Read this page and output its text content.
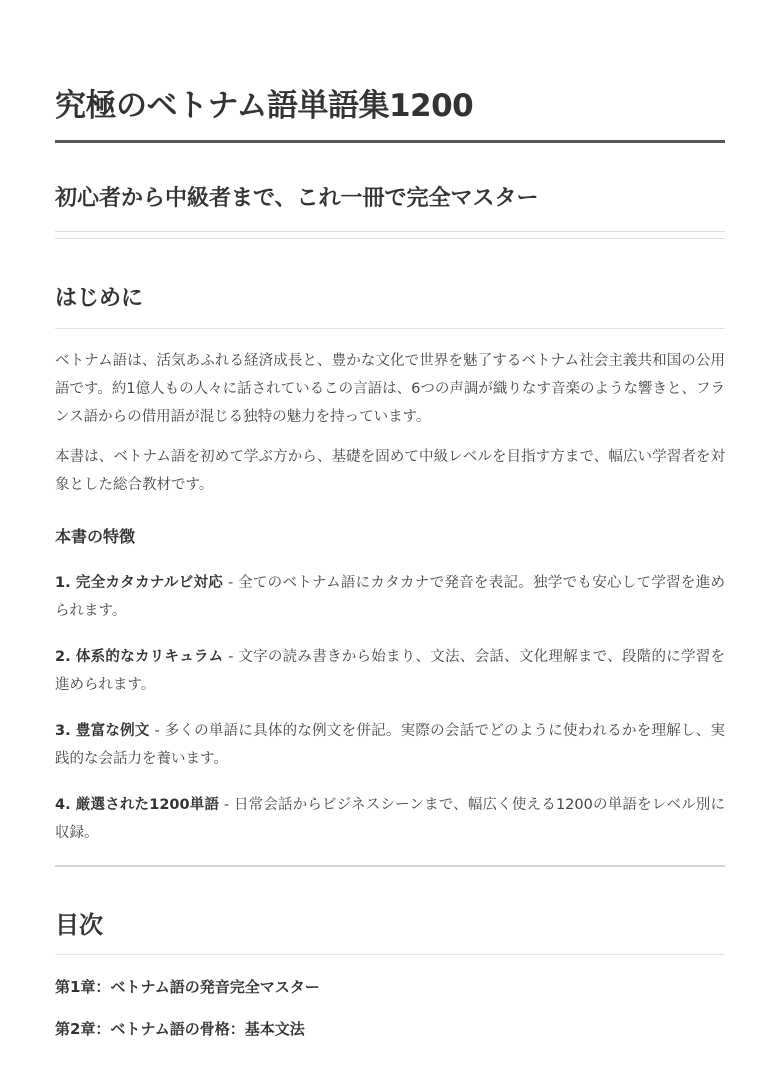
究極のベトナム語単語集1200
初心者から中級者まで、これ一冊で完全マスター
はじめに

ベトナム語は、活気あふれる経済成長と、豊かな文化で世界を魅了するベトナム社会主義共和国の公用語です。約1億人もの人々に話されているこの言語は、6つの声調が織りなす音楽のような響きと、フランス語からの借用語が混じる独特の魅力を持っています。

本書は、ベトナム語を初めて学ぶ方から、基礎を固めて中級レベルを目指す方まで、幅広い学習者を対象とした総合教材です。

本書の特徴

1. 完全カタカナルビ対応 - 全てのベトナム語にカタカナで発音を表記。独学でも安心して学習を進められます。

2. 体系的なカリキュラム - 文字の読み書きから始まり、文法、会話、文化理解まで、段階的に学習を進められます。

3. 豊富な例文 - 多くの単語に具体的な例文を併記。実際の会話でどのように使われるかを理解し、実践的な会話力を養います。

4. 厳選された1200単語 - 日常会話からビジネスシーンまで、幅広く使える1200の単語をレベル別に収録。

目次

第1章：ベトナム語の発音完全マスター

第2章：ベトナム語の骨格：基本文法
